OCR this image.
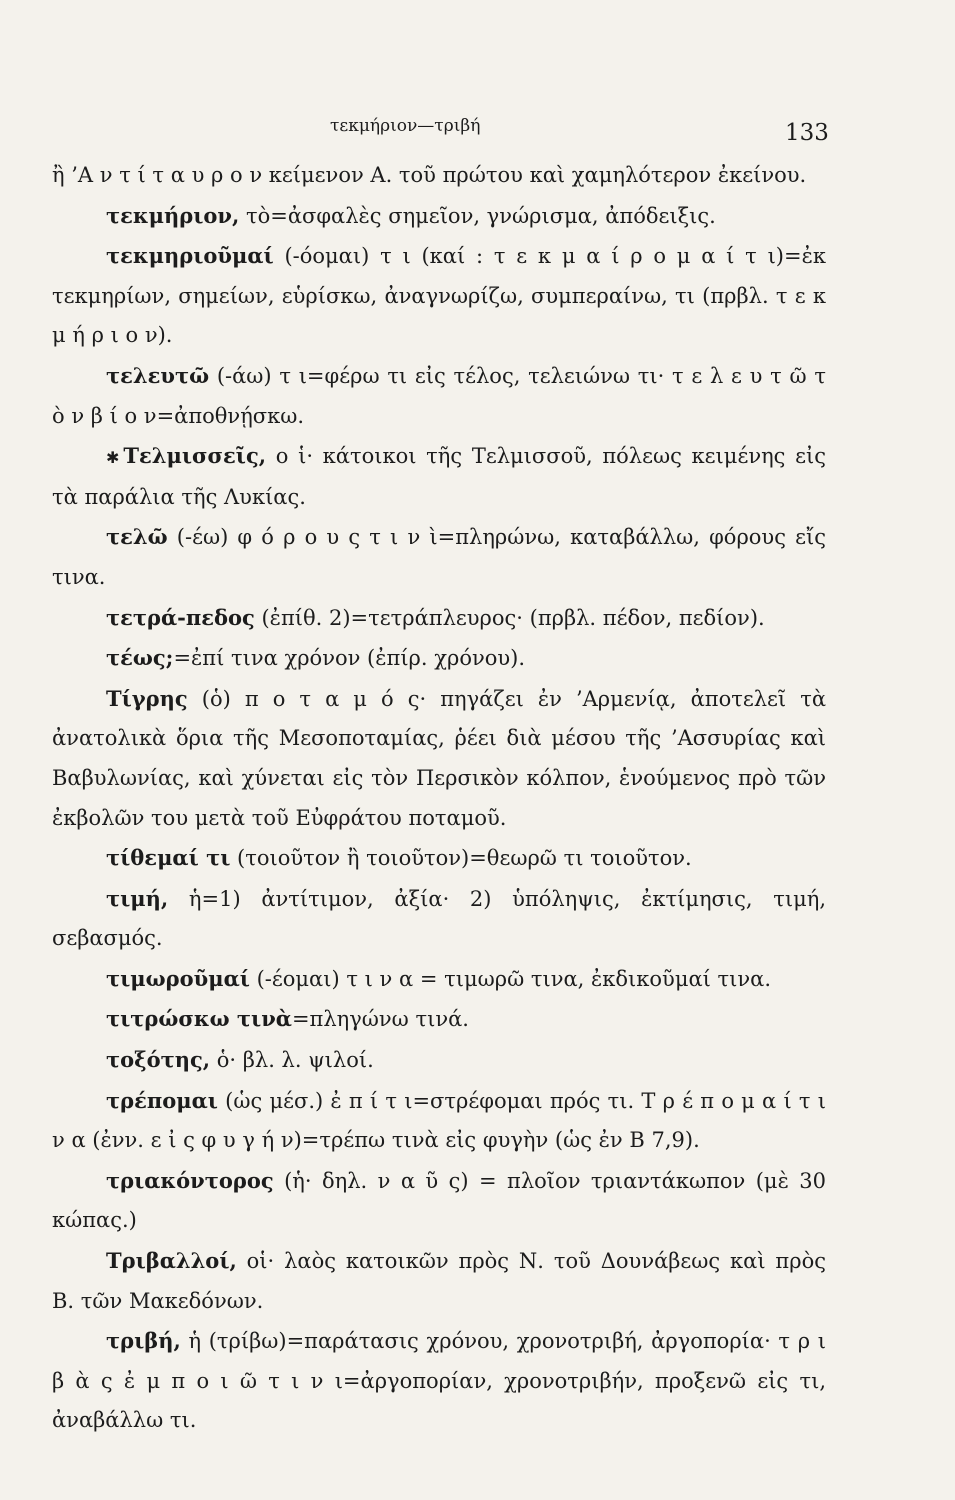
τεκμήριον—τριβή	133

ἢ ’Α ν τ ί τ α υ ρ ο ν κείμενον Α. τοῦ πρώτου καὶ χαμηλότερον ἐκείνου.

τεκμήριον, τὸ=ἀσφαλὲς σημεῖον, γνώρισμα, ἀπόδειξις.

τεκμηριοῦμαί (-όομαι) τ ι (καί : τ ε κ μ α ί ρ ο μ α ί τ ι)=ἐκ τεκμηρίων, σημείων, εὑρίσκω, ἀναγνωρίζω, συμπεραίνω, τι (πρβλ. τ ε κ μ ή ρ ι ο ν).

τελευτῶ (-άω) τ ι=φέρω τι εἰς τέλος, τελειώνω τι· τ ε λ ε υ τ ῶ τ ὸ ν β ί ο ν=ἀποθνῄσκω.

✱ Τελμισσεῖς, ο ἱ· κάτοικοι τῆς Τελμισσοῦ, πόλεως κειμένης εἰς τὰ παράλια τῆς Λυκίας.

τελῶ (-έω) φ ό ρ ο υ ς τ ι ν ὶ=πληρώνω, καταβάλλω, φόρους εἴς τινα.

τετρά-πεδος (ἐπίθ. 2)=τετράπλευρος· (πρβλ. πέδον, πεδίον).

τέως;=ἐπί τινα χρόνον (ἐπίρ. χρόνου).

Τίγρης (ὁ) π ο τ α μ ό ς· πηγάζει ἐν ’Αρμενίᾳ, ἀποτελεῖ τὰ ἀνατολικὰ ὅρια τῆς Μεσοποταμίας, ῥέει διὰ μέσου τῆς ’Ασσυρίας καὶ Βαβυλωνίας, καὶ χύνεται εἰς τὸν Περσικὸν κόλπον, ἑνούμενος πρὸ τῶν ἐκβολῶν του μετὰ τοῦ Εὐφράτου ποταμοῦ.

τίθεμαί τι (τοιοῦτον ἢ τοιοῦτον)=θεωρῶ τι τοιοῦτον.

τιμή, ἡ=1) ἀντίτιμον, ἀξία· 2) ὑπόληψις, ἐκτίμησις, τιμή, σεβασμός.

τιμωροῦμαί (-έομαι) τ ι ν α = τιμωρῶ τινα, ἐκδικοῦμαί τινα.

τιτρώσκω τινὰ=πληγώνω τινά.

τοξότης, ὁ· βλ. λ. ψιλοί.

τρέπομαι (ὡς μέσ.) ἐ π ί τ ι=στρέφομαι πρός τι. Τ ρ έ π ο μ α ί τ ι ν α (ἐνν. ε ἰ ς φ υ γ ή ν)=τρέπω τινὰ εἰς φυγὴν (ὡς ἐν Β 7,9).

τριακόντορος (ἡ· δηλ. ν α ῦ ς) = πλοῖον τριαντάκωπον (μὲ 30 κώπας.)

Τριβαλλοί, οἱ· λαὸς κατοικῶν πρὸς Ν. τοῦ Δουνάβεως καὶ πρὸς Β. τῶν Μακεδόνων.

τριβή, ἡ (τρίβω)=παράτασις χρόνου, χρονοτριβή, ἀργοπορία· τ ρ ι β ὰ ς ἐ μ π ο ι ῶ τ ι ν ι=ἀργοπορίαν, χρονοτριβήν, προξενῶ εἰς τι, ἀναβάλλω τι.
